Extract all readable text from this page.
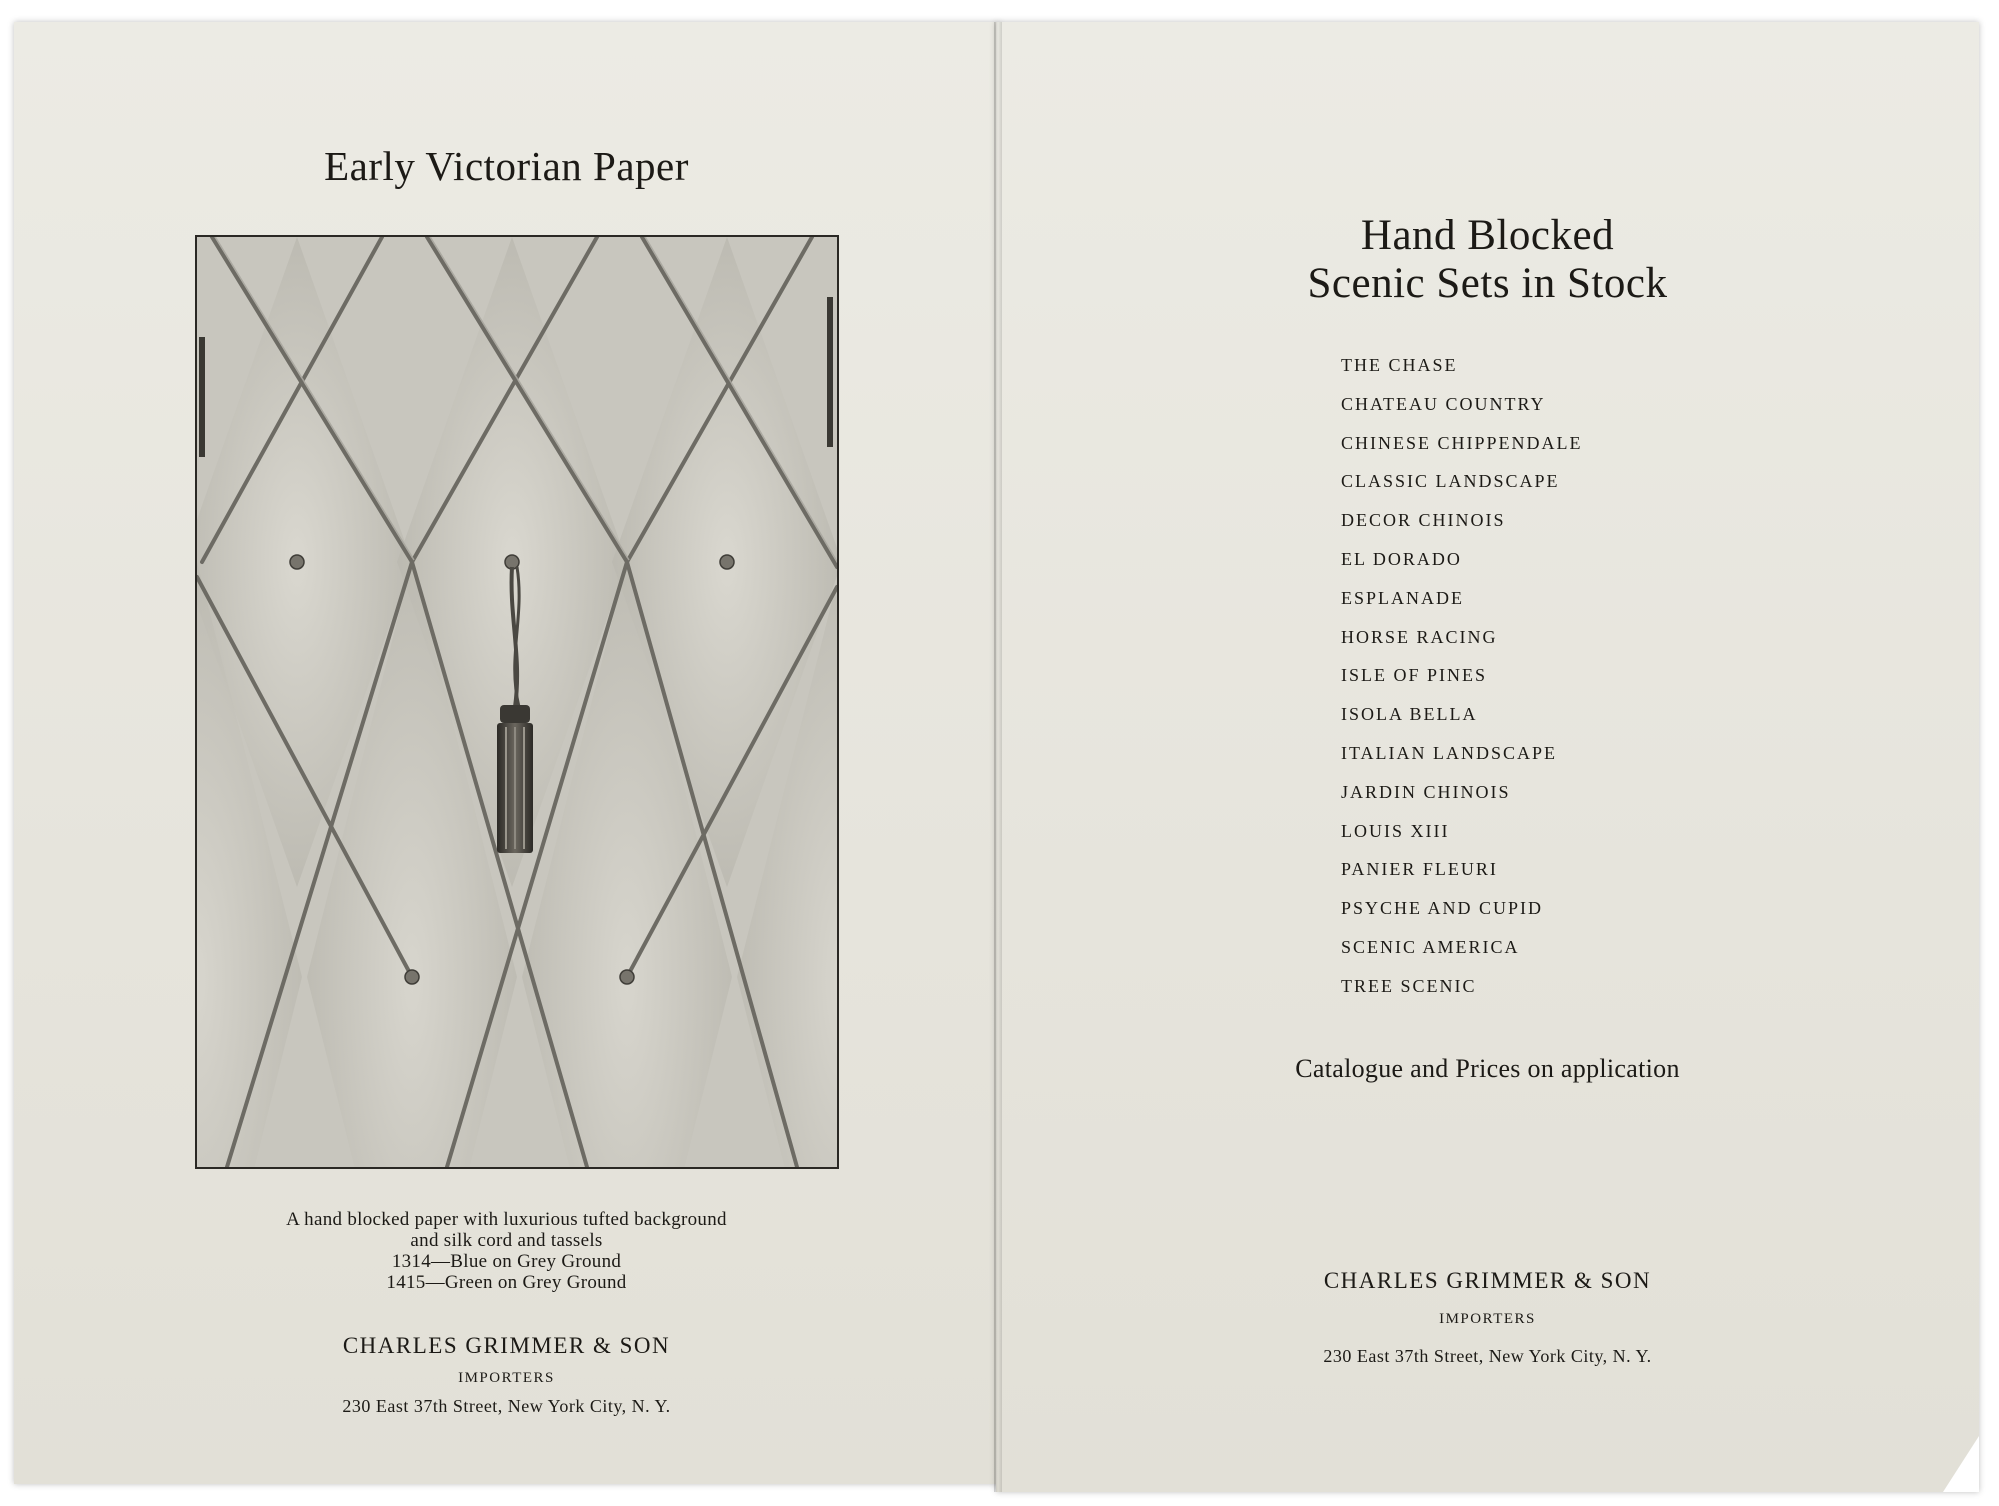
Early Victorian Paper
A hand blocked paper with luxurious tufted background
and silk cord and tassels
1314—Blue on Grey Ground
1415—Green on Grey Ground
CHARLES GRIMMER & SON
IMPORTERS
230 East 37th Street, New York City, N. Y.
Hand Blocked
Scenic Sets in Stock
THE CHASE
CHATEAU COUNTRY
CHINESE CHIPPENDALE
CLASSIC LANDSCAPE
DECOR CHINOIS
EL DORADO
ESPLANADE
HORSE RACING
ISLE OF PINES
ISOLA BELLA
ITALIAN LANDSCAPE
JARDIN CHINOIS
LOUIS XIII
PANIER FLEURI
PSYCHE AND CUPID
SCENIC AMERICA
TREE SCENIC
Catalogue and Prices on application
CHARLES GRIMMER & SON
IMPORTERS
230 East 37th Street, New York City, N. Y.
